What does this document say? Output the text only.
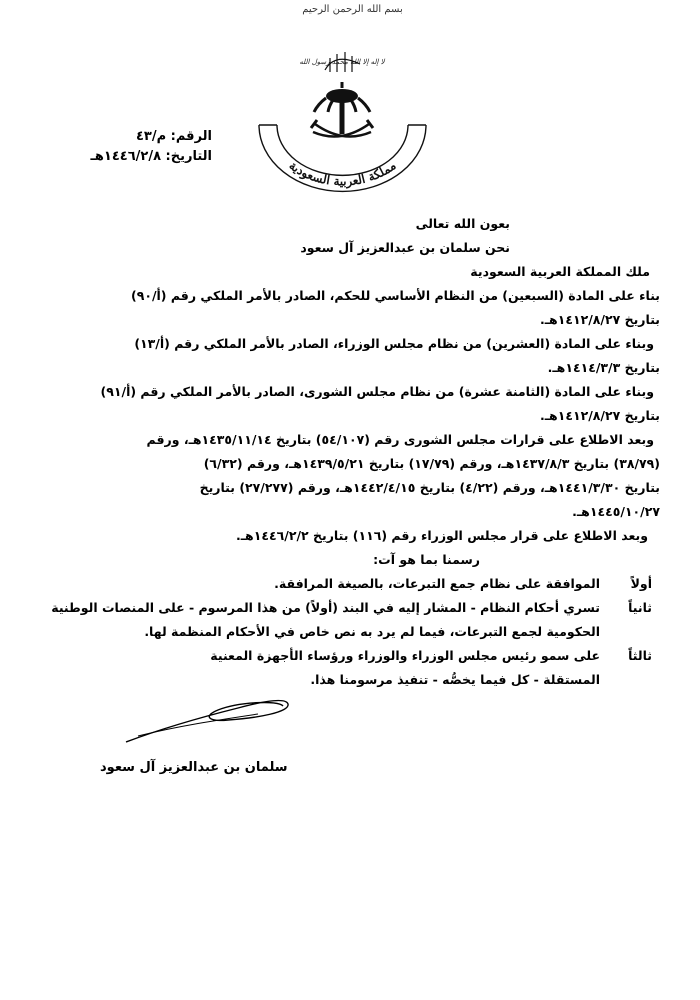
بسم الله الرحمن الرحيم
لا إله إلا الله محمد رسول الله
مملكة العربية السعودية
الرقم: م/٤٣
التاريخ: ١٤٤٦/٢/٨هـ
بعون الله تعالى
نحن سلمان بن عبدالعزيز آل سعود
ملك المملكة العربية السعودية
بناء على المادة (السبعين) من النظام الأساسي للحكم، الصادر بالأمر الملكي رقم (أ/٩٠)
بتاريخ ١٤١٢/٨/٢٧هـ.
وبناء على المادة (العشرين) من نظام مجلس الوزراء، الصادر بالأمر الملكي رقم (أ/١٣)
بتاريخ ١٤١٤/٣/٣هـ.
وبناء على المادة (الثامنة عشرة) من نظام مجلس الشورى، الصادر بالأمر الملكي رقم (أ/٩١)
بتاريخ ١٤١٢/٨/٢٧هـ.
وبعد الاطلاع على قرارات مجلس الشورى رقم (٥٤/١٠٧) بتاريخ ١٤٣٥/١١/١٤هـ، ورقم
(٣٨/٧٩) بتاريخ ١٤٣٧/٨/٣هـ، ورقم (١٧/٧٩) بتاريخ ١٤٣٩/٥/٢١هـ، ورقم (٦/٣٢)
بتاريخ ١٤٤١/٣/٣٠هـ، ورقم (٤/٢٢) بتاريخ ١٤٤٢/٤/١٥هـ، ورقم (٢٧/٢٧٧) بتاريخ
١٤٤٥/١٠/٢٧هـ.
وبعد الاطلاع على قرار مجلس الوزراء رقم (١١٦) بتاريخ ١٤٤٦/٢/٢هـ.
رسمنا بما هو آت:
أولاً
الموافقة على نظام جمع التبرعات، بالصيغة المرافقة.
ثانياً
تسري أحكام النظام - المشار إليه في البند (أولاً) من هذا المرسوم - على المنصات الوطنية
الحكومية لجمع التبرعات، فيما لم يرد به نص خاص في الأحكام المنظمة لها.
ثالثاً
على سمو رئيس مجلس الوزراء والوزراء ورؤساء الأجهزة المعنية
المستقلة - كل فيما يخصُّه - تنفيذ مرسومنا هذا.
سلمان بن عبدالعزيز آل سعود
